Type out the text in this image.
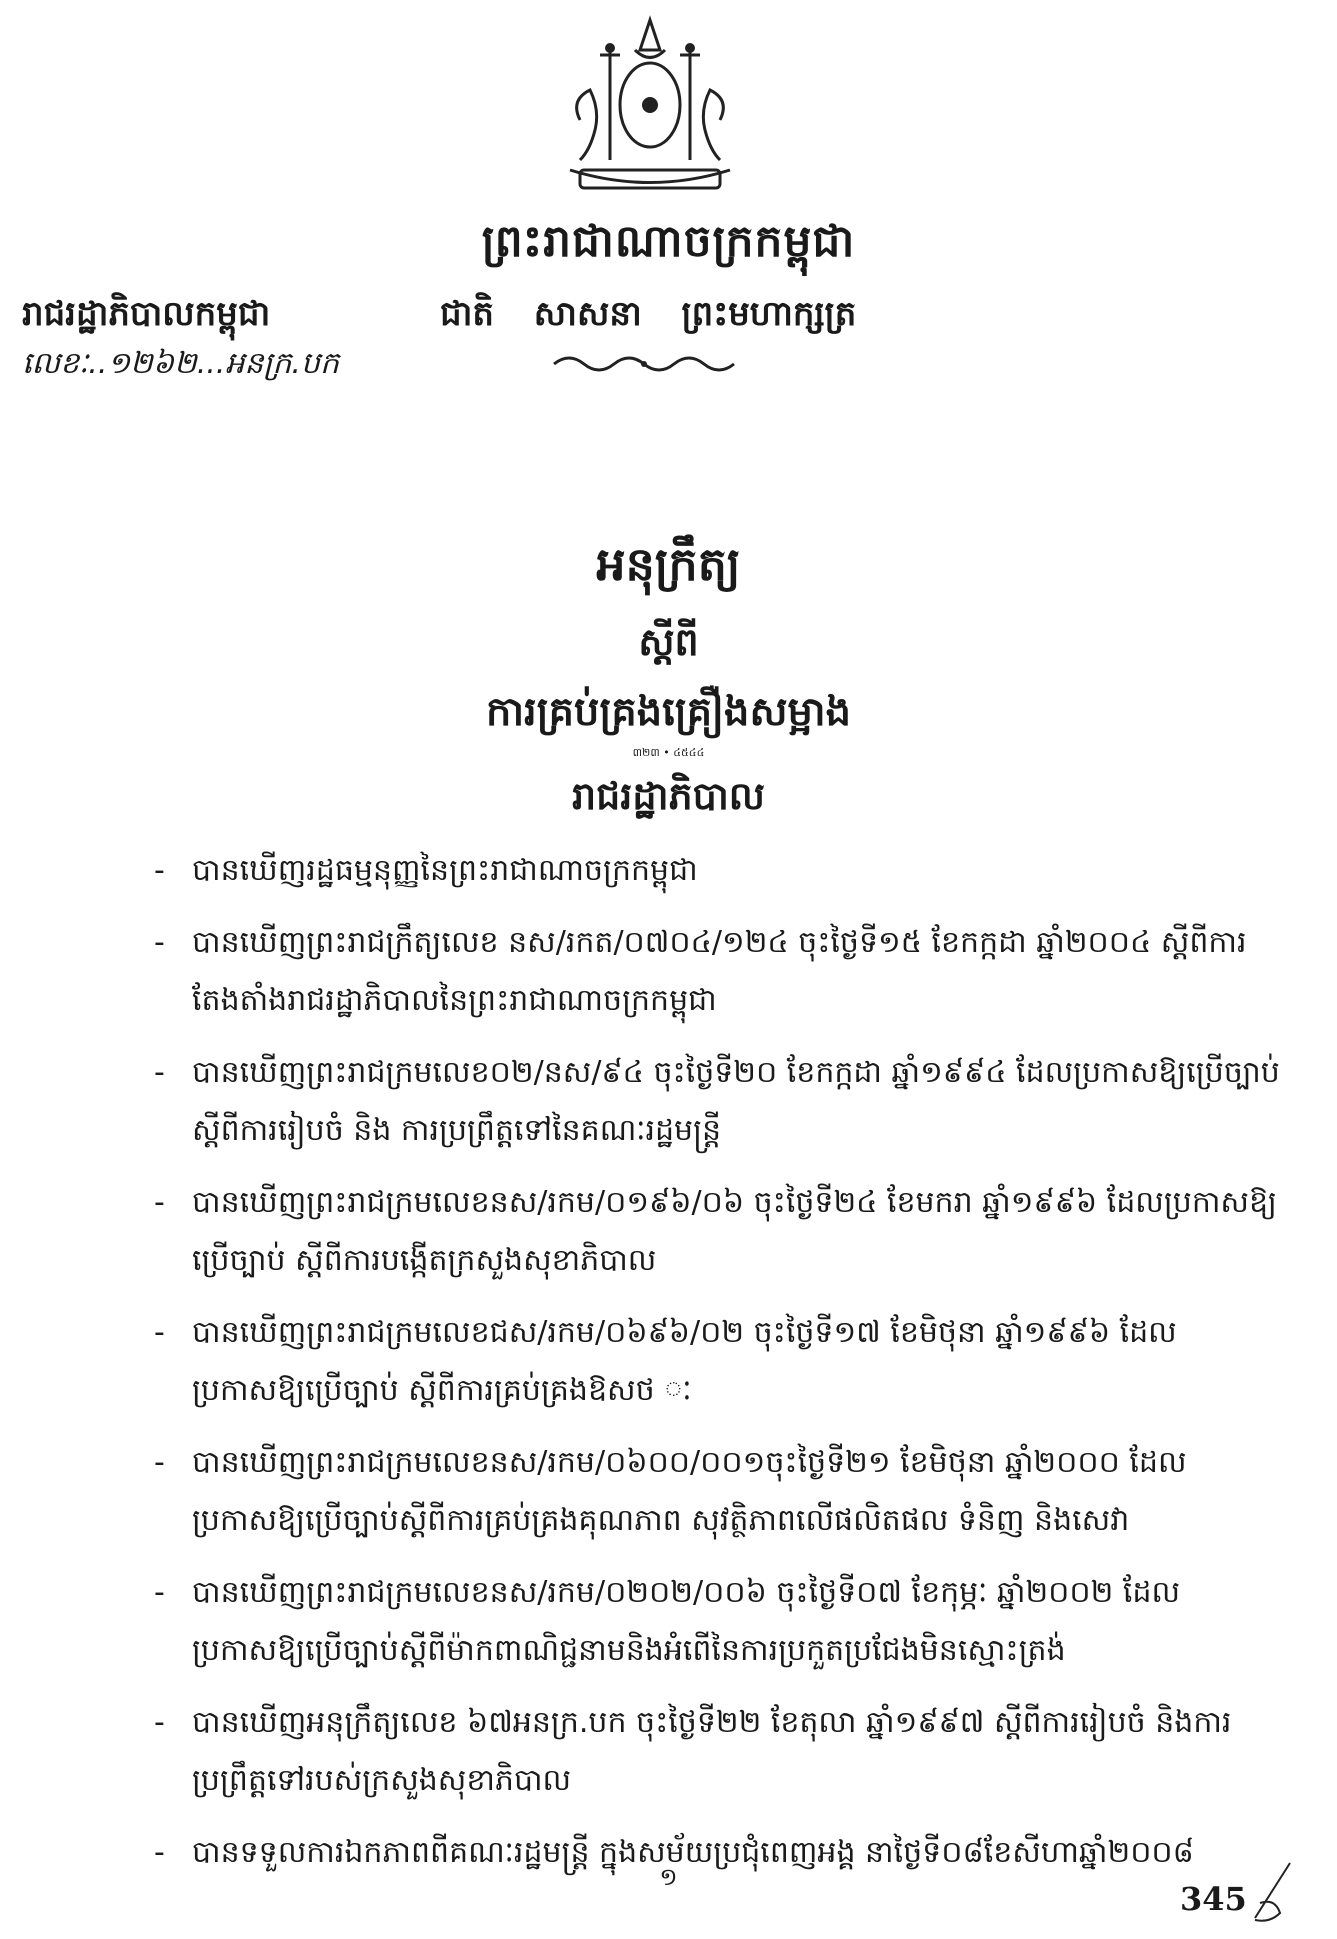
ព្រះរាជាណាចក្រកម្ពុជា
រាជរដ្ឋាភិបាលកម្ពុជា	ជាតិ សាសនា ព្រះមហាក្សត្រ
លេខៈ..១២៦២...អនក្រ.បក
អនុក្រឹត្យ
ស្តីពី
ការគ្រប់គ្រងគ្រឿងសម្អាង
៣២៣ • ៤៥៤៤
រាជរដ្ឋាភិបាល
- បានឃើញរដ្ឋធម្មនុញ្ញនៃព្រះរាជាណាចក្រកម្ពុជា
- បានឃើញព្រះរាជក្រឹត្យលេខ នស/រកត/០៧០៤/១២៤ ចុះថ្ងៃទី១៥ ខែកក្កដា ឆ្នាំ២០០៤ ស្តីពីការតែងតាំងរាជរដ្ឋាភិបាលនៃព្រះរាជាណាចក្រកម្ពុជា
- បានឃើញព្រះរាជក្រមលេខ០២/នស/៩៤ ចុះថ្ងៃទី២០ ខែកក្កដា ឆ្នាំ១៩៩៤ ដែលប្រកាសឱ្យប្រើច្បាប់ ស្តីពីការរៀបចំ និង ការប្រព្រឹត្តទៅនៃគណៈរដ្ឋមន្ត្រី
- បានឃើញព្រះរាជក្រមលេខនស/រកម/០១៩៦/០៦ ចុះថ្ងៃទី២៤ ខែមករា ឆ្នាំ១៩៩៦ ដែលប្រកាសឱ្យប្រើច្បាប់ ស្តីពីការបង្កើតក្រសួងសុខាភិបាល
- បានឃើញព្រះរាជក្រមលេខជស/រកម/០៦៩៦/០២ ចុះថ្ងៃទី១៧ ខែមិថុនា ឆ្នាំ១៩៩៦ ដែលប្រកាសឱ្យប្រើច្បាប់ ស្តីពីការគ្រប់គ្រងឱសថ ៈ
- បានឃើញព្រះរាជក្រមលេខនស/រកម/០៦០០/០០១ចុះថ្ងៃទី២១ ខែមិថុនា ឆ្នាំ២០០០ ដែលប្រកាសឱ្យប្រើច្បាប់ស្តីពីការគ្រប់គ្រងគុណភាព សុវត្ថិភាពលើផលិតផល ទំនិញ និងសេវា
- បានឃើញព្រះរាជក្រមលេខនស/រកម/០២០២/០០៦ ចុះថ្ងៃទី០៧ ខែកុម្ភៈ ឆ្នាំ២០០២ ដែលប្រកាសឱ្យប្រើច្បាប់ស្តីពីម៉ាកពាណិជ្ជនាមនិងអំពើនៃការប្រកួតប្រជែងមិនស្មោះត្រង់
- បានឃើញអនុក្រឹត្យលេខ ៦៧អនក្រ.បក ចុះថ្ងៃទី២២ ខែតុលា ឆ្នាំ១៩៩៧ ស្តីពីការរៀបចំ និងការប្រព្រឹត្តទៅរបស់ក្រសួងសុខាភិបាល
- បានទទួលការឯកភាពពីគណៈរដ្ឋមន្ត្រី ក្នុងសម័យប្រជុំពេញអង្គ នាថ្ងៃទី០៨ខែសីហាឆ្នាំ២០០៨
១
345
